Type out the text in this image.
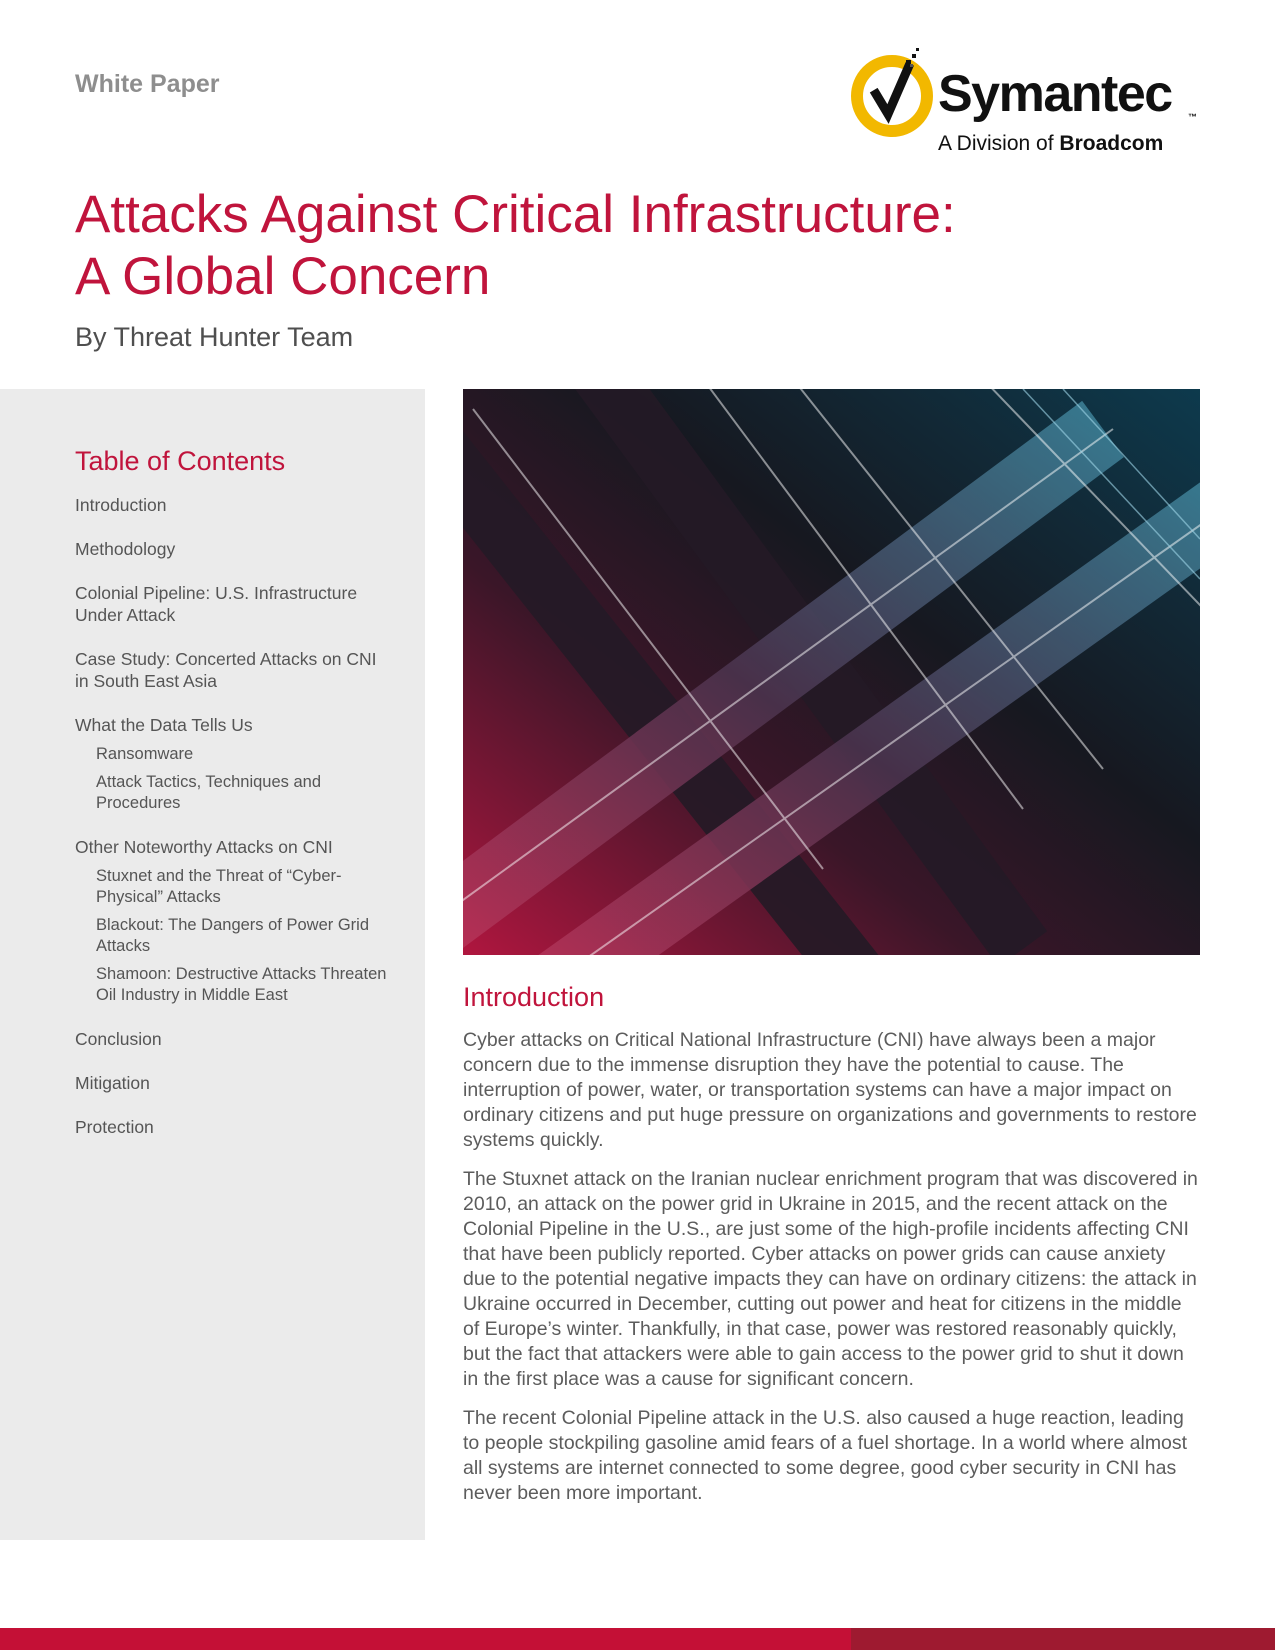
White Paper	Symantec ™
A Division of Broadcom
Attacks Against Critical Infrastructure:
A Global Concern
By Threat Hunter Team
Table of Contents
Introduction
Methodology
Colonial Pipeline: U.S. Infrastructure Under Attack
Case Study: Concerted Attacks on CNI in South East Asia
What the Data Tells Us
Ransomware
Attack Tactics, Techniques and Procedures
Other Noteworthy Attacks on CNI
Stuxnet and the Threat of “Cyber-Physical” Attacks
Blackout: The Dangers of Power Grid Attacks
Shamoon: Destructive Attacks Threaten Oil Industry in Middle East
Conclusion
Mitigation
Protection
Introduction

Cyber attacks on Critical National Infrastructure (CNI) have always been a major concern due to the immense disruption they have the potential to cause. The interruption of power, water, or transportation systems can have a major impact on ordinary citizens and put huge pressure on organizations and governments to restore systems quickly.

The Stuxnet attack on the Iranian nuclear enrichment program that was discovered in 2010, an attack on the power grid in Ukraine in 2015, and the recent attack on the Colonial Pipeline in the U.S., are just some of the high-profile incidents affecting CNI that have been publicly reported. Cyber attacks on power grids can cause anxiety due to the potential negative impacts they can have on ordinary citizens: the attack in Ukraine occurred in December, cutting out power and heat for citizens in the middle of Europe’s winter. Thankfully, in that case, power was restored reasonably quickly, but the fact that attackers were able to gain access to the power grid to shut it down in the first place was a cause for significant concern.

The recent Colonial Pipeline attack in the U.S. also caused a huge reaction, leading to people stockpiling gasoline amid fears of a fuel shortage. In a world where almost all systems are internet connected to some degree, good cyber security in CNI has never been more important.
